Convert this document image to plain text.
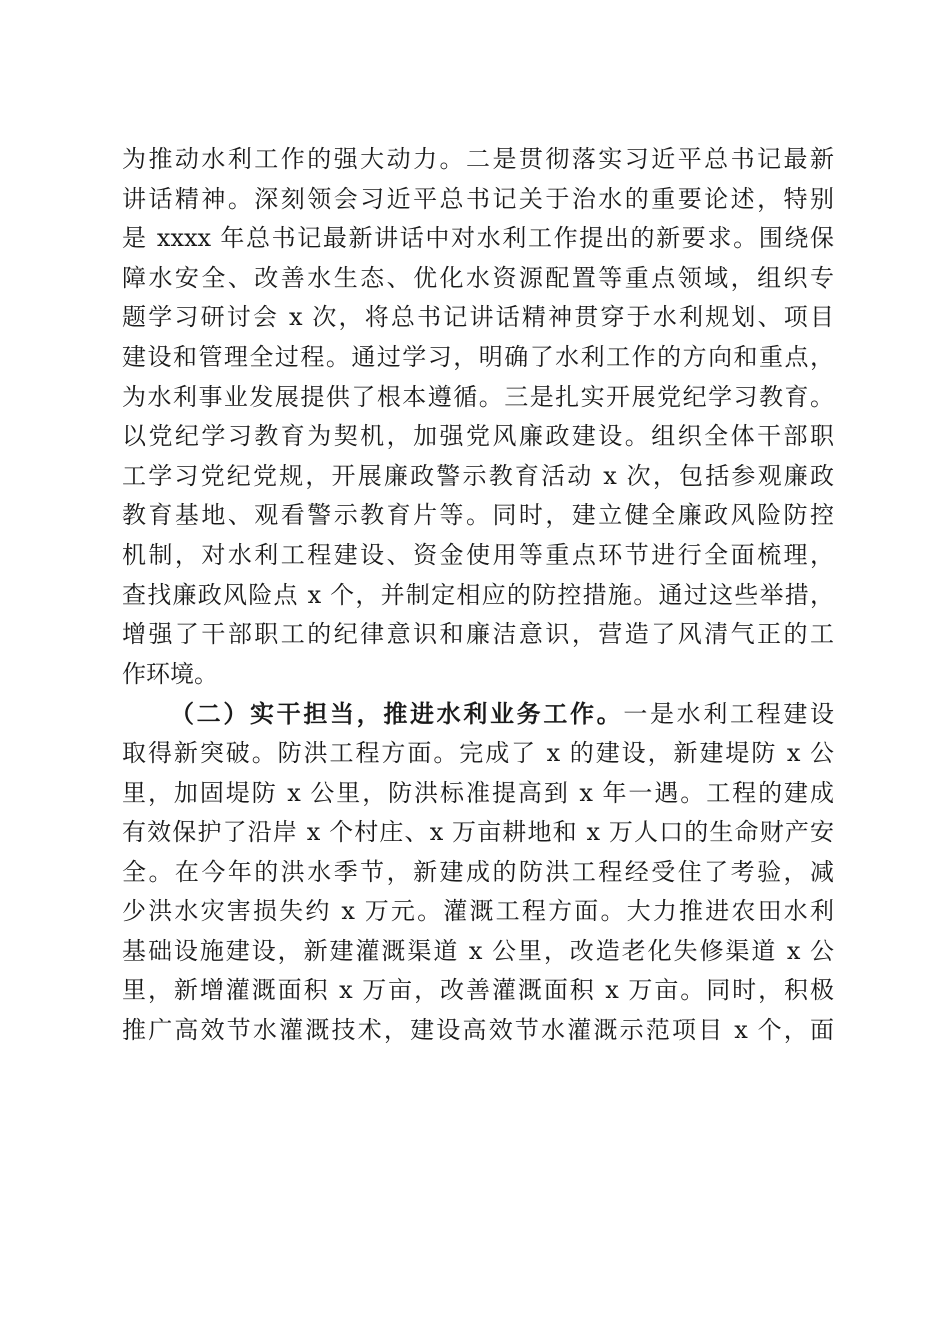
为推动水利工作的强大动力。二是贯彻落实习近平总书记最新
讲话精神。深刻领会习近平总书记关于治水的重要论述，特别
是 xxxx 年总书记最新讲话中对水利工作提出的新要求。围绕保
障水安全、改善水生态、优化水资源配置等重点领域，组织专
题学习研讨会 x 次，将总书记讲话精神贯穿于水利规划、项目
建设和管理全过程。通过学习，明确了水利工作的方向和重点，
为水利事业发展提供了根本遵循。三是扎实开展党纪学习教育。
以党纪学习教育为契机，加强党风廉政建设。组织全体干部职
工学习党纪党规，开展廉政警示教育活动 x 次，包括参观廉政
教育基地、观看警示教育片等。同时，建立健全廉政风险防控
机制，对水利工程建设、资金使用等重点环节进行全面梳理，
查找廉政风险点 x 个，并制定相应的防控措施。通过这些举措，
增强了干部职工的纪律意识和廉洁意识，营造了风清气正的工
作环境。
（二）实干担当，推进水利业务工作。一是水利工程建设
取得新突破。防洪工程方面。完成了 x 的建设，新建堤防 x 公
里，加固堤防 x 公里，防洪标准提高到 x 年一遇。工程的建成
有效保护了沿岸 x 个村庄、x 万亩耕地和 x 万人口的生命财产安
全。在今年的洪水季节，新建成的防洪工程经受住了考验，减
少洪水灾害损失约 x 万元。灌溉工程方面。大力推进农田水利
基础设施建设，新建灌溉渠道 x 公里，改造老化失修渠道 x 公
里，新增灌溉面积 x 万亩，改善灌溉面积 x 万亩。同时，积极
推广高效节水灌溉技术，建设高效节水灌溉示范项目 x 个，面
